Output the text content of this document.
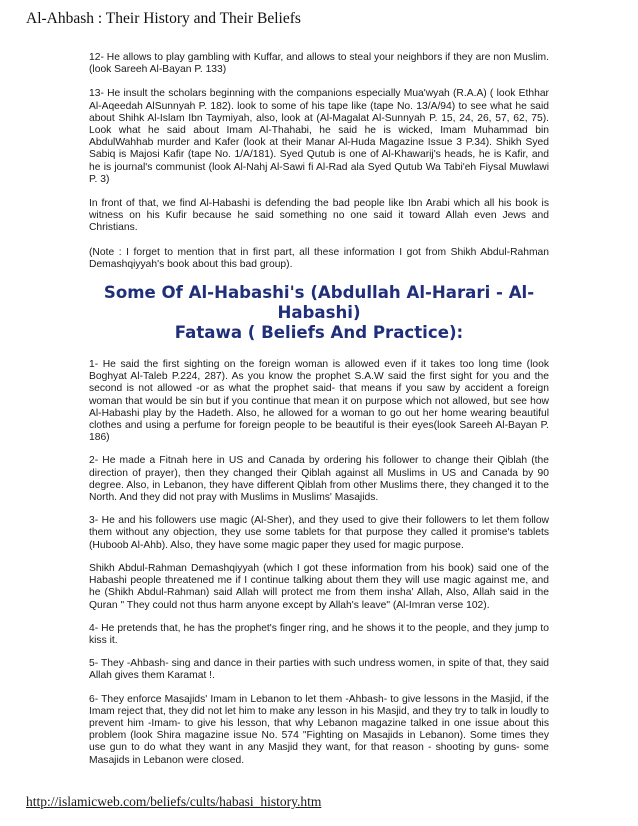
Al-Ahbash : Their History and Their Beliefs

12- He allows to play gambling with Kuffar, and allows to steal your neighbors if they are non Muslim. (look Sareeh Al-Bayan P. 133)

13- He insult the scholars beginning with the companions especially Mua'wyah (R.A.A) ( look Ethhar Al-Aqeedah AlSunnyah P. 182). look to some of his tape like (tape No. 13/A/94) to see what he said about Shihk Al-Islam Ibn Taymiyah, also, look at (Al-Magalat Al-Sunnyah P. 15, 24, 26, 57, 62, 75). Look what he said about Imam Al-Thahabi, he said he is wicked, Imam Muhammad bin AbdulWahhab murder and Kafer (look at their Manar Al-Huda Magazine Issue 3 P.34). Shikh Syed Sabiq is Majosi Kafir (tape No. 1/A/181). Syed Qutub is one of Al-Khawarij's heads, he is Kafir, and he is journal's communist (look Al-Nahj Al-Sawi fi Al-Rad ala Syed Qutub Wa Tabi'eh Fiysal Muwlawi P. 3)

In front of that, we find Al-Habashi is defending the bad people like Ibn Arabi which all his book is witness on his Kufir because he said something no one said it toward Allah even Jews and Christians.

(Note : I forget to mention that in first part, all these information I got from Shikh Abdul-Rahman Demashqiyyah's book about this bad group).

Some Of Al-Habashi's (Abdullah Al-Harari - Al-Habashi)
Fatawa ( Beliefs And Practice):

1- He said the first sighting on the foreign woman is allowed even if it takes too long time (look Boghyat Al-Taleb P.224, 287). As you know the prophet S.A.W said the first sight for you and the second is not allowed -or as what the prophet said- that means if you saw by accident a foreign woman that would be sin but if you continue that mean it on purpose which not allowed, but see how Al-Habashi play by the Hadeth. Also, he allowed for a woman to go out her home wearing beautiful clothes and using a perfume for foreign people to be beautiful is their eyes(look Sareeh Al-Bayan P. 186)

2- He made a Fitnah here in US and Canada by ordering his follower to change their Qiblah (the direction of prayer), then they changed their Qiblah against all Muslims in US and Canada by 90 degree. Also, in Lebanon, they have different Qiblah from other Muslims there, they changed it to the North. And they did not pray with Muslims in Muslims' Masajids.

3- He and his followers use magic (Al-Sher), and they used to give their followers to let them follow them without any objection, they use some tablets for that purpose they called it promise's tablets (Huboob Al-Ahb). Also, they have some magic paper they used for magic purpose.

Shikh Abdul-Rahman Demashqiyyah (which I got these information from his book) said one of the Habashi people threatened me if I continue talking about them they will use magic against me, and he (Shikh Abdul-Rahman) said Allah will protect me from them insha' Allah, Also, Allah said in the Quran " They could not thus harm anyone except by Allah's leave" (Al-Imran verse 102).

4- He pretends that, he has the prophet's finger ring, and he shows it to the people, and they jump to kiss it.

5- They -Ahbash- sing and dance in their parties with such undress women, in spite of that, they said Allah gives them Karamat !.

6- They enforce Masajids' Imam in Lebanon to let them -Ahbash- to give lessons in the Masjid, if the Imam reject that, they did not let him to make any lesson in his Masjid, and they try to talk in loudly to prevent him -Imam- to give his lesson, that why Lebanon magazine talked in one issue about this problem (look Shira magazine issue No. 574 "Fighting on Masajids in Lebanon). Some times they use gun to do what they want in any Masjid they want, for that reason - shooting by guns- some Masajids in Lebanon were closed.

http://islamicweb.com/beliefs/cults/habasi_history.htm
